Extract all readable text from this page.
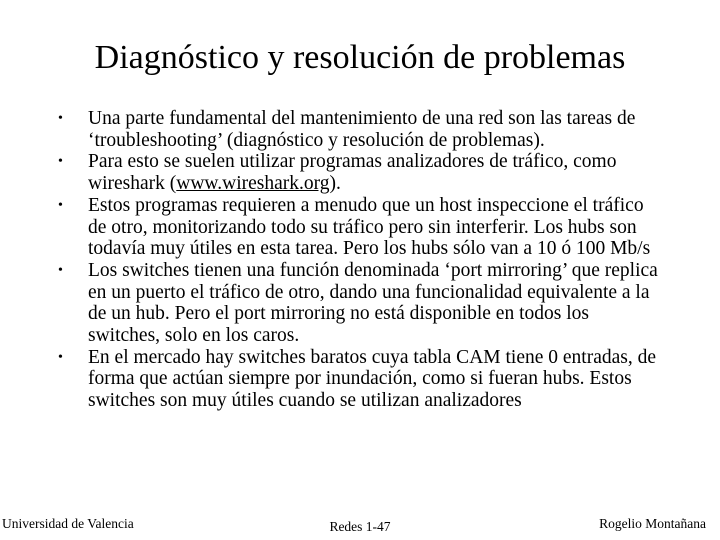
Diagnóstico y resolución de problemas
•	Una parte fundamental del mantenimiento de una red son las tareas de ‘troubleshooting’ (diagnóstico y resolución de problemas).
•	Para esto se suelen utilizar programas analizadores de tráfico, como wireshark (www.wireshark.org).
•	Estos programas requieren a menudo que un host inspeccione el tráfico de otro, monitorizando todo su tráfico pero sin interferir. Los hubs son todavía muy útiles en esta tarea. Pero los hubs sólo van a 10 ó 100 Mb/s
•	Los switches tienen una función denominada ‘port mirroring’ que replica en un puerto el tráfico de otro, dando una funcionalidad equivalente a la de un hub. Pero el port mirroring no está disponible en todos los switches, solo en los caros.
•	En el mercado hay switches baratos cuya tabla CAM tiene 0 entradas, de forma que actúan siempre por inundación, como si fueran hubs. Estos switches son muy útiles cuando se utilizan analizadores
Universidad de Valencia	Redes 1-47	Rogelio Montañana
